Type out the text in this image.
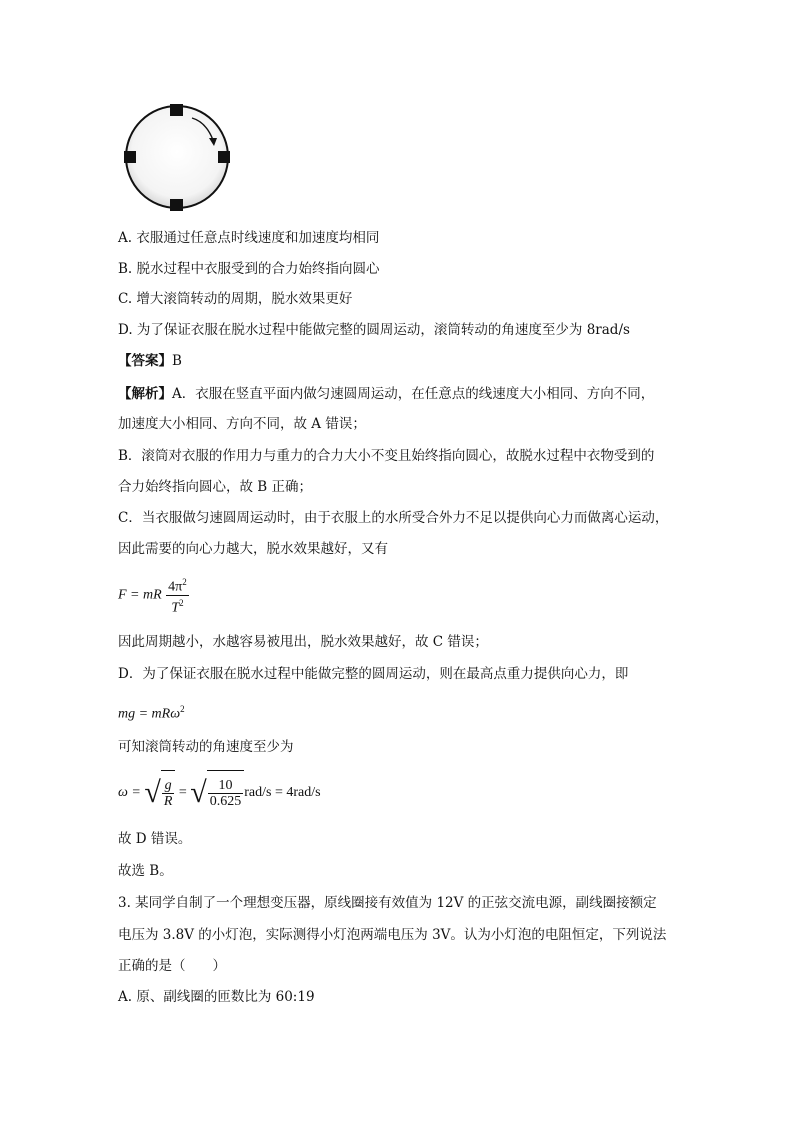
A. 衣服通过任意点时线速度和加速度均相同
B. 脱水过程中衣服受到的合力始终指向圆心
C. 增大滚筒转动的周期，脱水效果更好
D. 为了保证衣服在脱水过程中能做完整的圆周运动，滚筒转动的角速度至少为 8rad/s
【答案】B
【解析】A．衣服在竖直平面内做匀速圆周运动，在任意点的线速度大小相同、方向不同，
加速度大小相同、方向不同，故 A 错误；
B．滚筒对衣服的作用力与重力的合力大小不变且始终指向圆心，故脱水过程中衣物受到的
合力始终指向圆心，故 B 正确；
C．当衣服做匀速圆周运动时，由于衣服上的水所受合外力不足以提供向心力而做离心运动，
因此需要的向心力越大，脱水效果越好，又有
F = mR $\frac{4\pi^2}{T^2}$
因此周期越小，水越容易被甩出，脱水效果越好，故 C 错误；
D．为了保证衣服在脱水过程中能做完整的圆周运动，则在最高点重力提供向心力，即
mg = mRω$^2$
可知滚筒转动的角速度至少为
ω = √ $\frac{g}{R}$ = √ $\frac{10}{0.625} rad/s = 4rad/s$
故 D 错误。
故选 B。
3. 某同学自制了一个理想变压器，原线圈接有效值为 12V 的正弦交流电源，副线圈接额定
电压为 3.8V 的小灯泡，实际测得小灯泡两端电压为 3V。认为小灯泡的电阻恒定，下列说法
正确的是（　　）
A. 原、副线圈的匝数比为 60:19
